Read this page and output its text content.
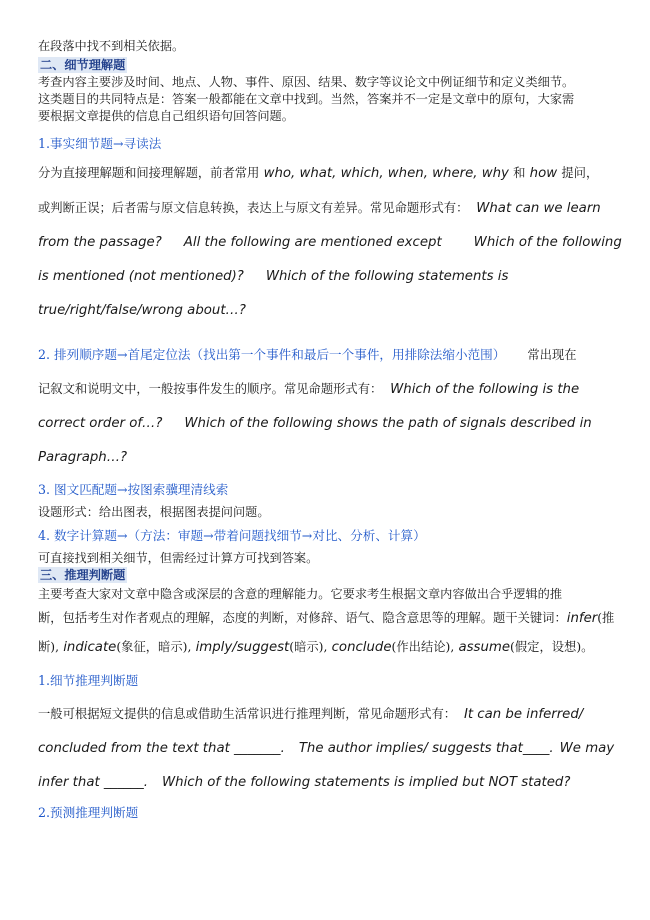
在段落中找不到相关依据。

二、细节理解题

考查内容主要涉及时间、地点、人物、事件、原因、结果、数字等议论文中例证细节和定义类细节。

这类题目的共同特点是：答案一般都能在文章中找到。当然，答案并不一定是文章中的原句，大家需

要根据文章提供的信息自己组织语句回答问题。

1.事实细节题→寻读法

分为直接理解题和间接理解题，前者常用 who, what, which, when, where, why 和 how 提问，

或判断正误；后者需与原文信息转换，表达上与原文有差异。常见命题形式有： What can we learn

from the passage? All the following are mentioned except Which of the following

is mentioned (not mentioned)? Which of the following statements is

true/right/false/wrong about…?

2. 排列顺序题→首尾定位法（找出第一个事件和最后一个事件，用排除法缩小范围） 常出现在

记叙文和说明文中，一般按事件发生的顺序。常见命题形式有： Which of the following is the

correct order of…? Which of the following shows the path of signals described in

Paragraph…?

3. 图文匹配题→按图索骥理清线索

设题形式：给出图表，根据图表提问问题。

4. 数字计算题→（方法：审题→带着问题找细节→对比、分析、计算）

可直接找到相关细节，但需经过计算方可找到答案。

三、推理判断题

主要考查大家对文章中隐含或深层的含意的理解能力。它要求考生根据文章内容做出合乎逻辑的推

断，包括考生对作者观点的理解，态度的判断，对修辞、语气、隐含意思等的理解。题干关键词：infer(推

断), indicate(象征，暗示), imply/suggest(暗示), conclude(作出结论), assume(假定，设想)。

1.细节推理判断题

一般可根据短文提供的信息或借助生活常识进行推理判断，常见命题形式有： It can be inferred/

concluded from the text that _______. The author implies/ suggests that____. We may

infer that ______. Which of the following statements is implied but NOT stated?

2.预测推理判断题
